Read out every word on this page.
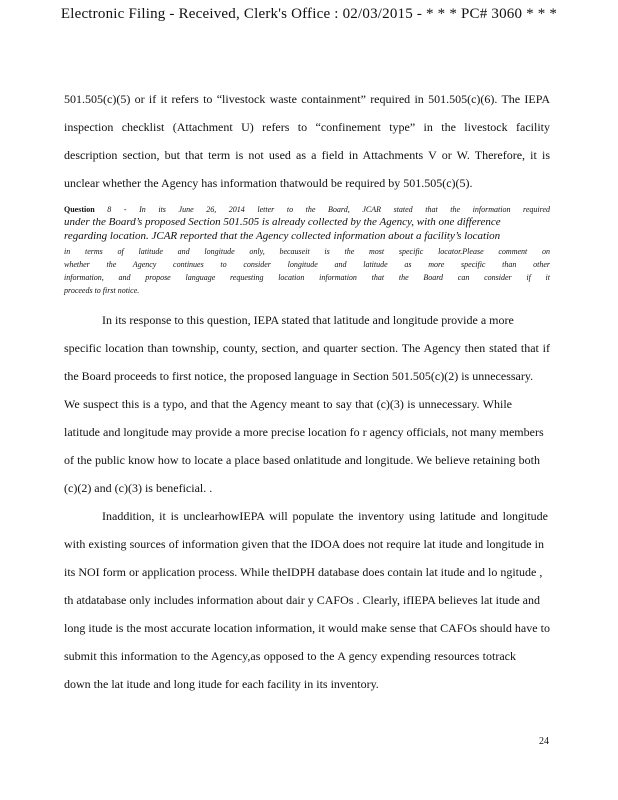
Electronic Filing - Received, Clerk's Office : 02/03/2015 - * * * PC# 3060 * * *
501.505(c)(5) or if it refers to “livestock waste containment” required in 501.505(c)(6). The IEPA
inspection checklist (Attachment U) refers to “confinement type” in the livestock facility
description section, but that term is not used as a field in Attachments V or W. Therefore, it is
unclear whether the Agency has information thatwould be required by 501.505(c)(5).
Question 8 - In its June 26, 2014 letter to the Board, JCAR stated that the information required
under the Board’s proposed Section 501.505 is already collected by the Agency, with one difference
regarding location. JCAR reported that the Agency collected information about a facility’s location
in terms of latitude and longitude only, becauseit is the most specific locator.Please comment on
whether the Agency continues to consider longitude and latitude as more specific than other
information, and propose language requesting location information that the Board can consider if it
proceeds to first notice.
In its response to this question, IEPA stated that latitude and longitude provide a more
specific location than township, county, section, and quarter section. The Agency then stated that if
the Board proceeds to first notice, the proposed language in Section 501.505(c)(2) is unnecessary.
We suspect this is a typo, and that the Agency meant to say that (c)(3) is unnecessary. While
latitude and longitude may provide a more precise location fo r agency officials, not many members
of the public know how to locate a place based onlatitude and longitude. We believe retaining both
(c)(2) and (c)(3) is beneficial. .
Inaddition, it is unclearhowIEPA will populate the inventory using latitude and longitude
with existing sources of information given that the IDOA does not require lat itude and longitude in
its NOI form or application process. While theIDPH database does contain lat itude and lo ngitude ,
th atdatabase only includes information about dair y CAFOs . Clearly, ifIEPA believes lat itude and
long itude is the most accurate location information, it would make sense that CAFOs should have to
submit this information to the Agency,as opposed to the A gency expending resources totrack
down the lat itude and long itude for each facility in its inventory.
24
